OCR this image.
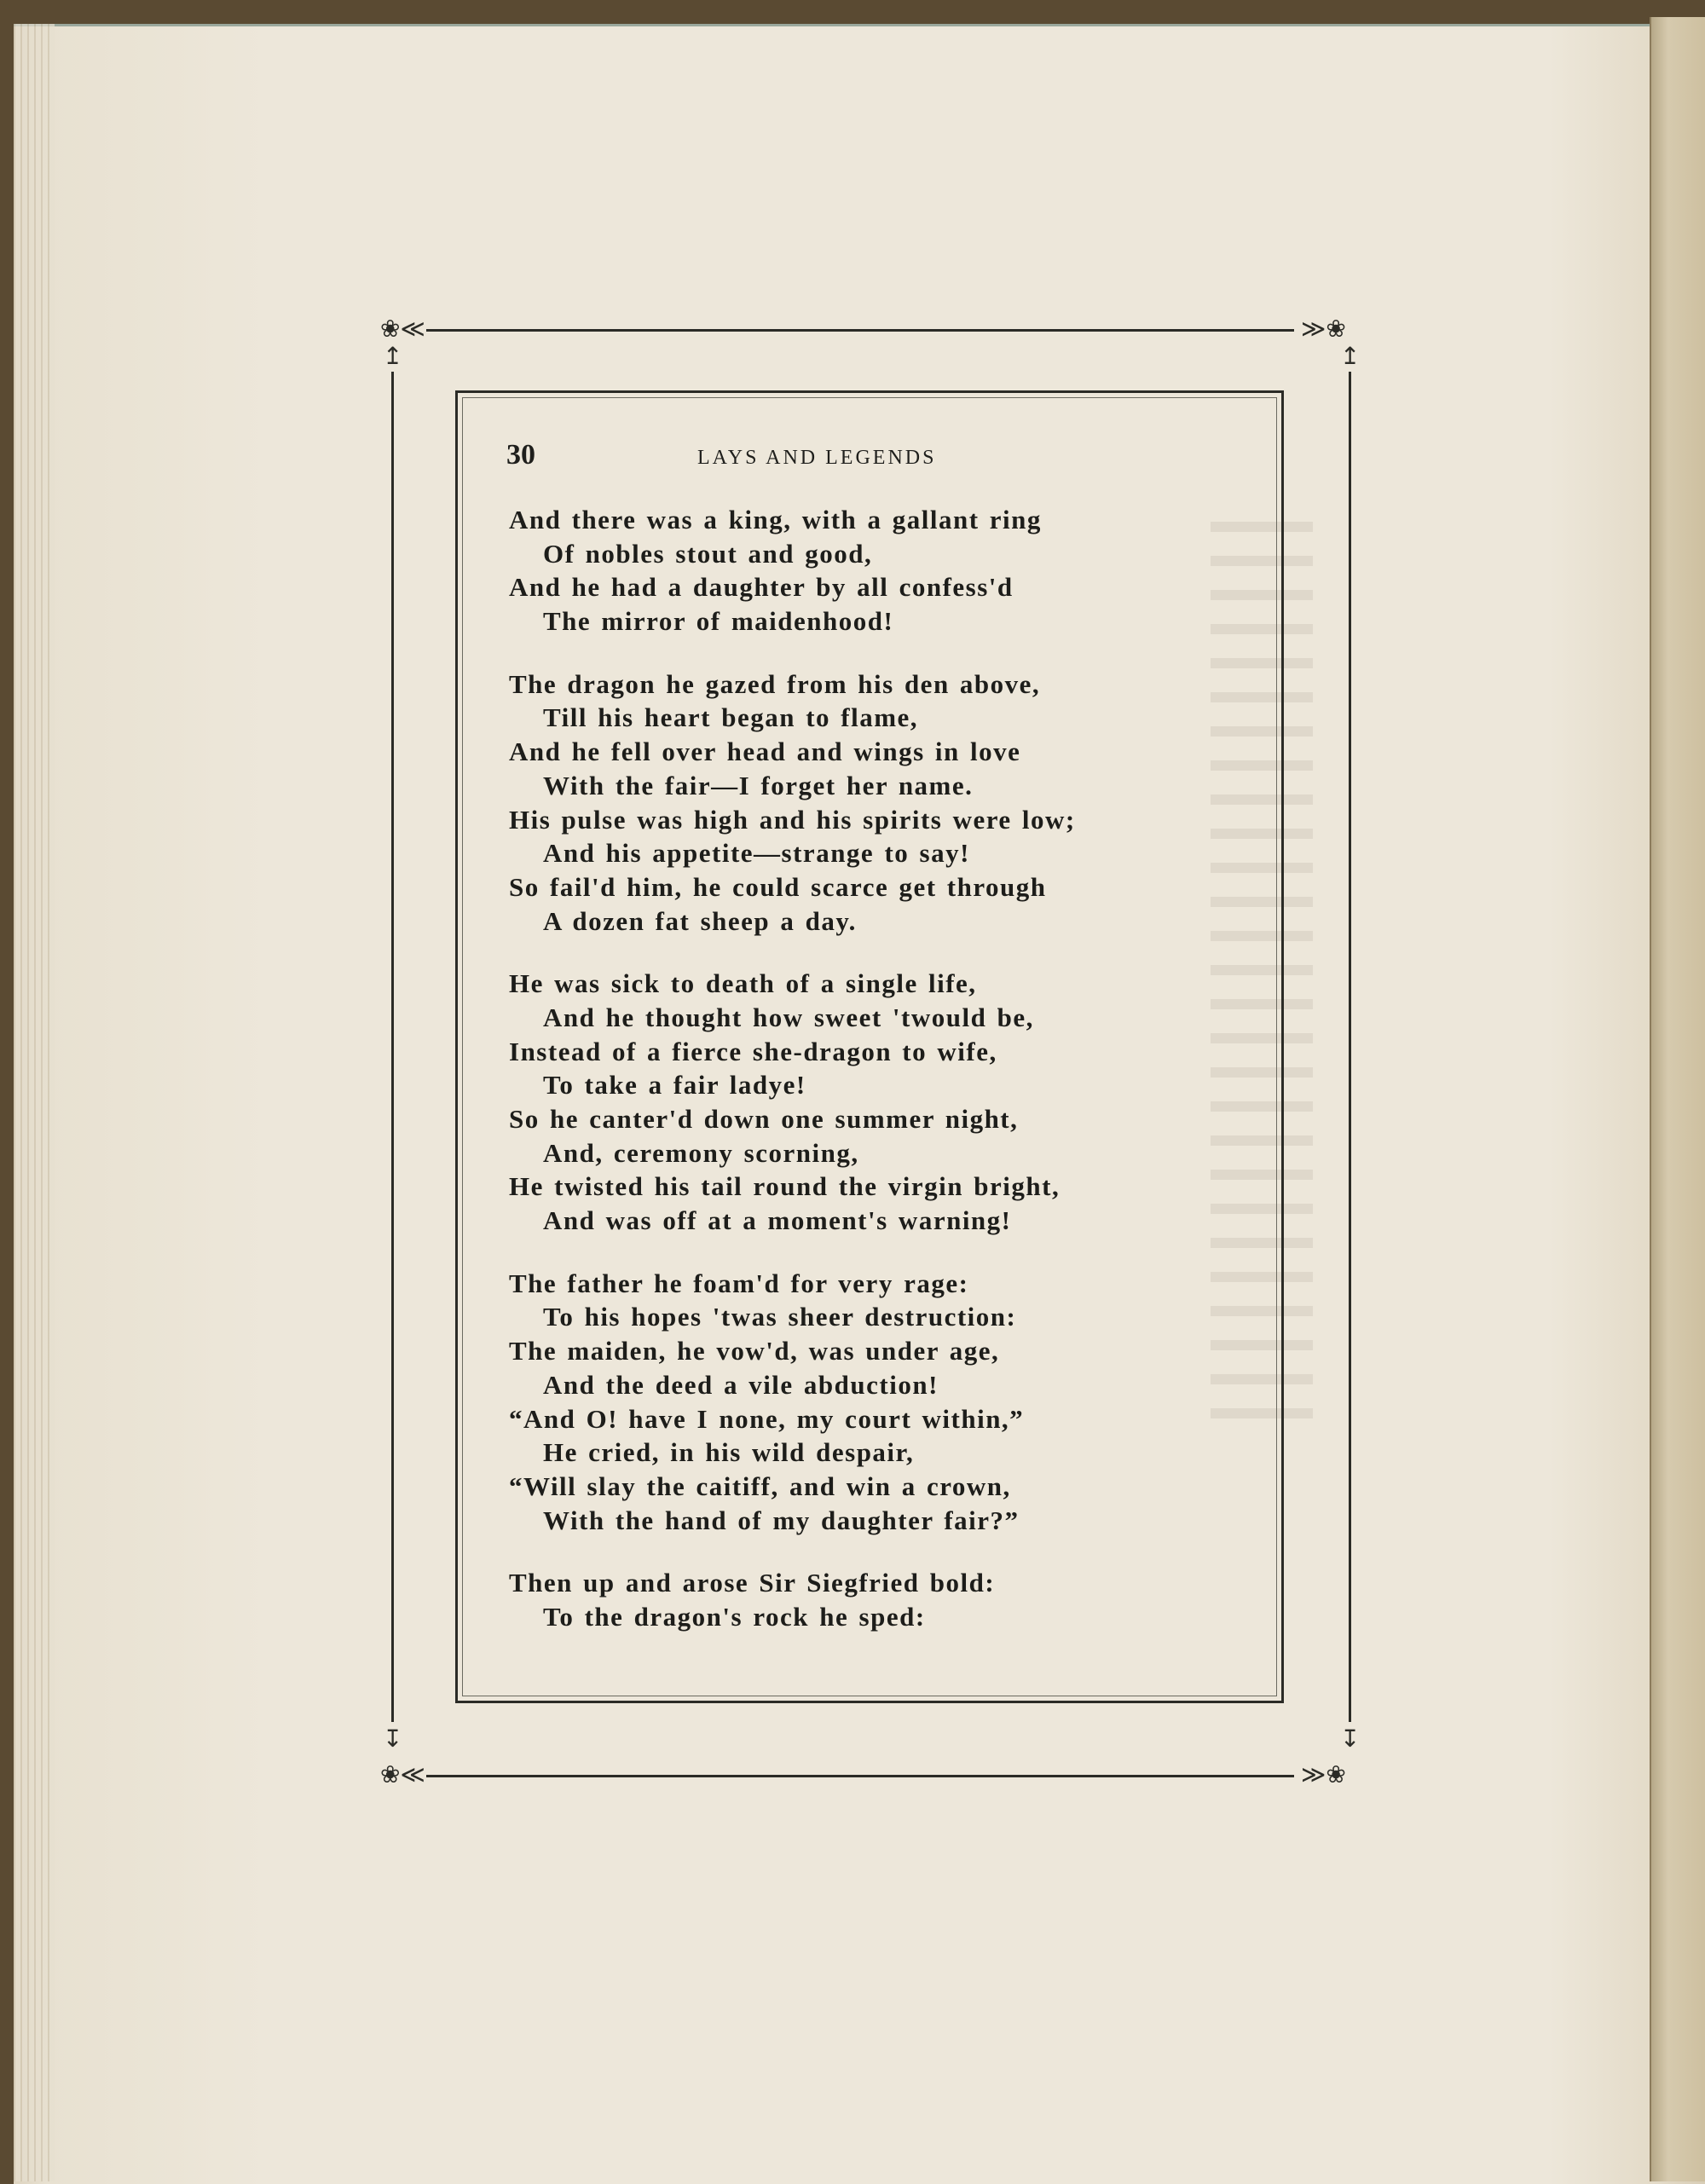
❀≪	≫❀
❀≪	≫❀
↥	↥
↧	↧
30	LAYS AND LEGENDS
And there was a king, with a gallant ring
Of nobles stout and good,
And he had a daughter by all confess'd
The mirror of maidenhood!
The dragon he gazed from his den above,
Till his heart began to flame,
And he fell over head and wings in love
With the fair—I forget her name.
His pulse was high and his spirits were low;
And his appetite—strange to say!
So fail'd him, he could scarce get through
A dozen fat sheep a day.
He was sick to death of a single life,
And he thought how sweet 'twould be,
Instead of a fierce she-dragon to wife,
To take a fair ladye!
So he canter'd down one summer night,
And, ceremony scorning,
He twisted his tail round the virgin bright,
And was off at a moment's warning!
The father he foam'd for very rage:
To his hopes 'twas sheer destruction:
The maiden, he vow'd, was under age,
And the deed a vile abduction!
“And O! have I none, my court within,”
He cried, in his wild despair,
“Will slay the caitiff, and win a crown,
With the hand of my daughter fair?”
Then up and arose Sir Siegfried bold:
To the dragon's rock he sped:
